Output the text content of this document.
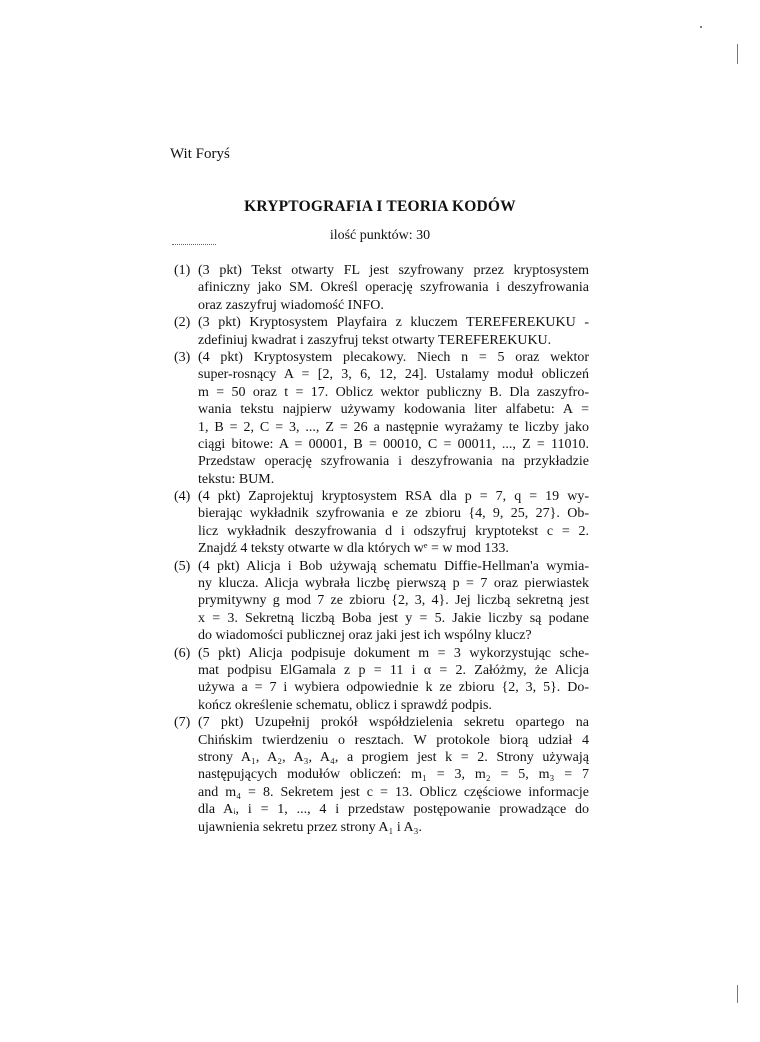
Wit Foryś
KRYPTOGRAFIA I TEORIA KODÓW
ilość punktów: 30
(1) (3 pkt) Tekst otwarty FL jest szyfrowany przez kryptosystem
afiniczny jako SM. Określ operację szyfrowania i deszyfrowania
oraz zaszyfruj wiadomość INFO.
(2) (3 pkt) Kryptosystem Playfaira z kluczem TEREFEREKUKU -
zdefiniuj kwadrat i zaszyfruj tekst otwarty TEREFEREKUKU.
(3) (4 pkt) Kryptosystem plecakowy. Niech n = 5 oraz wektor
super-rosnący A = [2, 3, 6, 12, 24]. Ustalamy moduł obliczeń
m = 50 oraz t = 17. Oblicz wektor publiczny B. Dla zaszyfro-
wania tekstu najpierw używamy kodowania liter alfabetu: A =
1, B = 2, C = 3, ..., Z = 26 a następnie wyrażamy te liczby jako
ciągi bitowe: A = 00001, B = 00010, C = 00011, ..., Z = 11010.
Przedstaw operację szyfrowania i deszyfrowania na przykładzie
tekstu: BUM.
(4) (4 pkt) Zaprojektuj kryptosystem RSA dla p = 7, q = 19 wy-
bierając wykładnik szyfrowania e ze zbioru {4, 9, 25, 27}. Ob-
licz wykładnik deszyfrowania d i odszyfruj kryptotekst c = 2.
Znajdź 4 teksty otwarte w dla których wᵉ = w mod 133.
(5) (4 pkt) Alicja i Bob używają schematu Diffie-Hellman'a wymia-
ny klucza. Alicja wybrała liczbę pierwszą p = 7 oraz pierwiastek
prymitywny g mod 7 ze zbioru {2, 3, 4}. Jej liczbą sekretną jest
x = 3. Sekretną liczbą Boba jest y = 5. Jakie liczby są podane
do wiadomości publicznej oraz jaki jest ich wspólny klucz?
(6) (5 pkt) Alicja podpisuje dokument m = 3 wykorzystując sche-
mat podpisu ElGamala z p = 11 i α = 2. Załóżmy, że Alicja
używa a = 7 i wybiera odpowiednie k ze zbioru {2, 3, 5}. Do-
kończ określenie schematu, oblicz i sprawdź podpis.
(7) (7 pkt) Uzupełnij prokół współdzielenia sekretu opartego na
Chińskim twierdzeniu o resztach. W protokole biorą udział 4
strony A₁, A₂, A₃, A₄, a progiem jest k = 2. Strony używają
następujących modułów obliczeń: m₁ = 3, m₂ = 5, m₃ = 7
and m₄ = 8. Sekretem jest c = 13. Oblicz częściowe informacje
dla Aᵢ, i = 1, ..., 4 i przedstaw postępowanie prowadzące do
ujawnienia sekretu przez strony A₁ i A₃.
